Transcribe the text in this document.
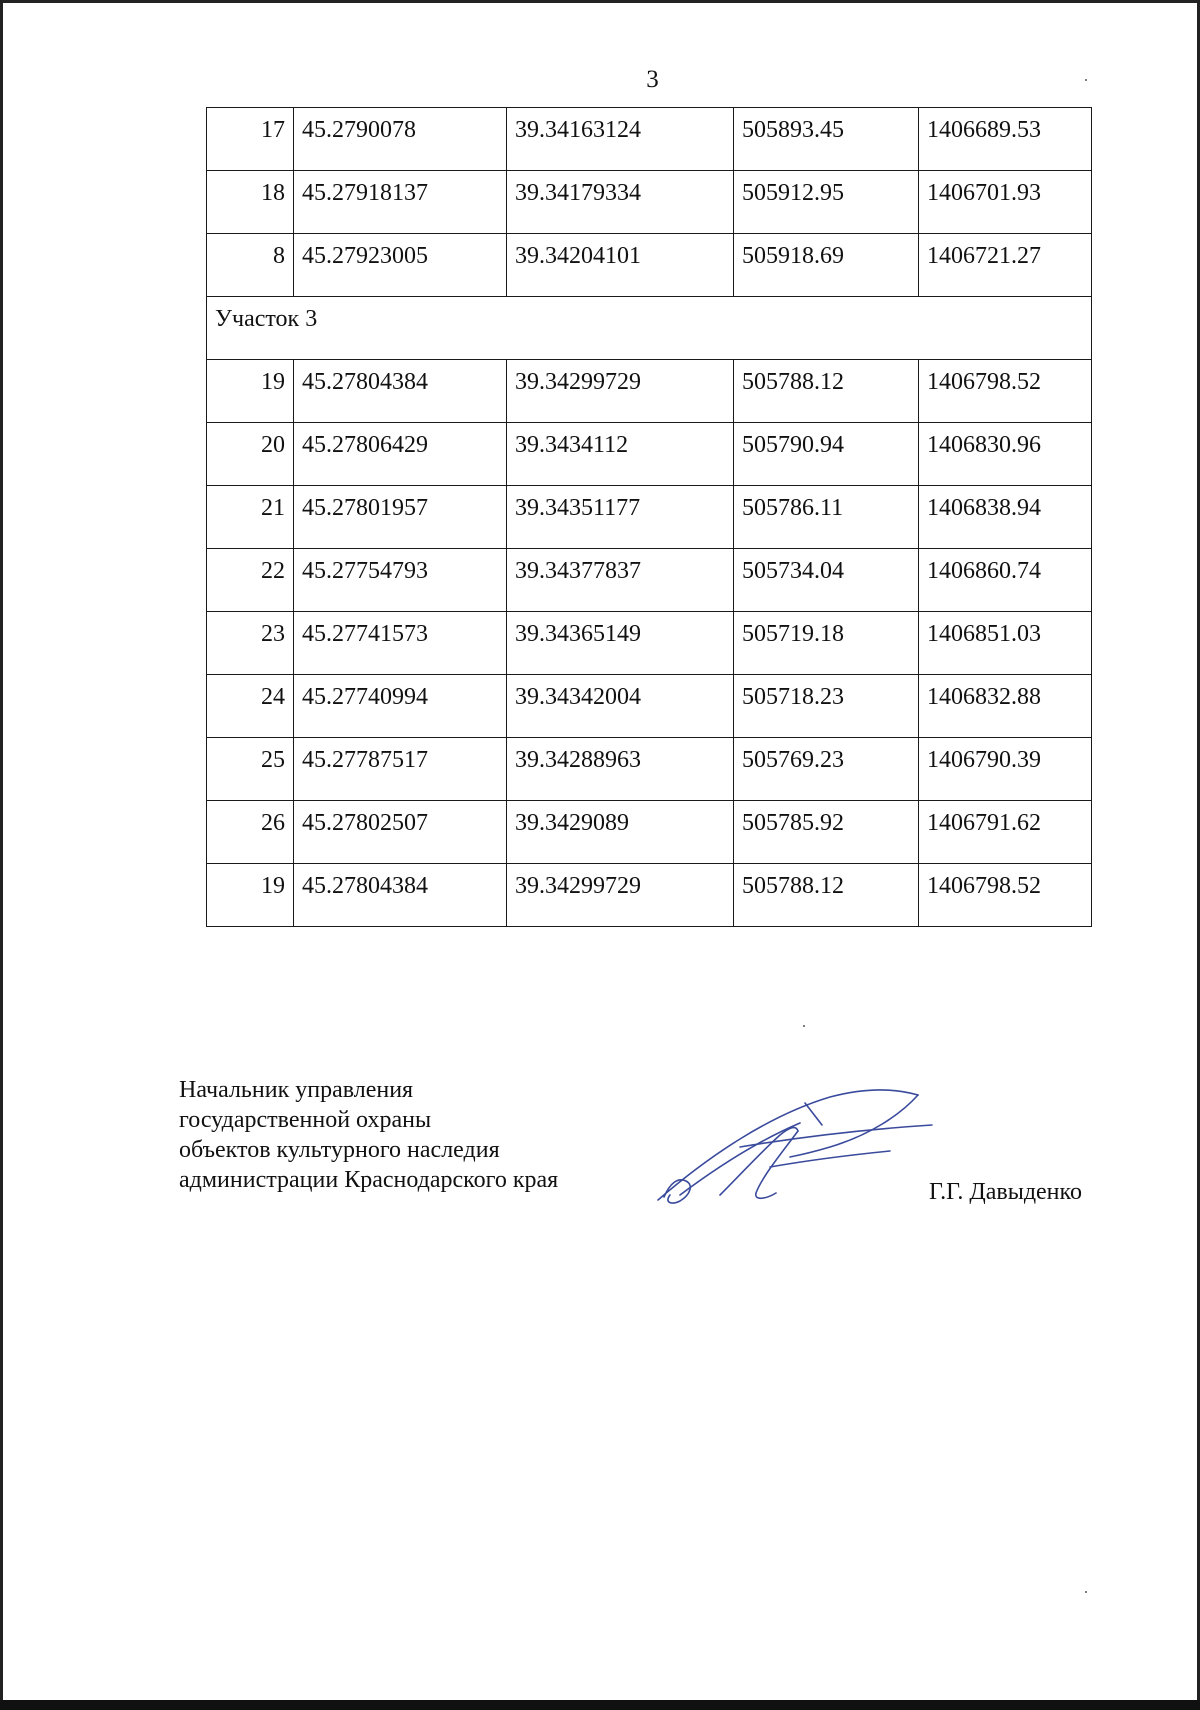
3
17	45.2790078	39.34163124	505893.45	1406689.53
18	45.27918137	39.34179334	505912.95	1406701.93
8	45.27923005	39.34204101	505918.69	1406721.27
Участок 3				
19	45.27804384	39.34299729	505788.12	1406798.52
20	45.27806429	39.3434112	505790.94	1406830.96
21	45.27801957	39.34351177	505786.11	1406838.94
22	45.27754793	39.34377837	505734.04	1406860.74
23	45.27741573	39.34365149	505719.18	1406851.03
24	45.27740994	39.34342004	505718.23	1406832.88
25	45.27787517	39.34288963	505769.23	1406790.39
26	45.27802507	39.3429089	505785.92	1406791.62
19	45.27804384	39.34299729	505788.12	1406798.52
Начальник управления
государственной охраны
объектов культурного наследия
администрации Краснодарского края	Г.Г. Давыденко
